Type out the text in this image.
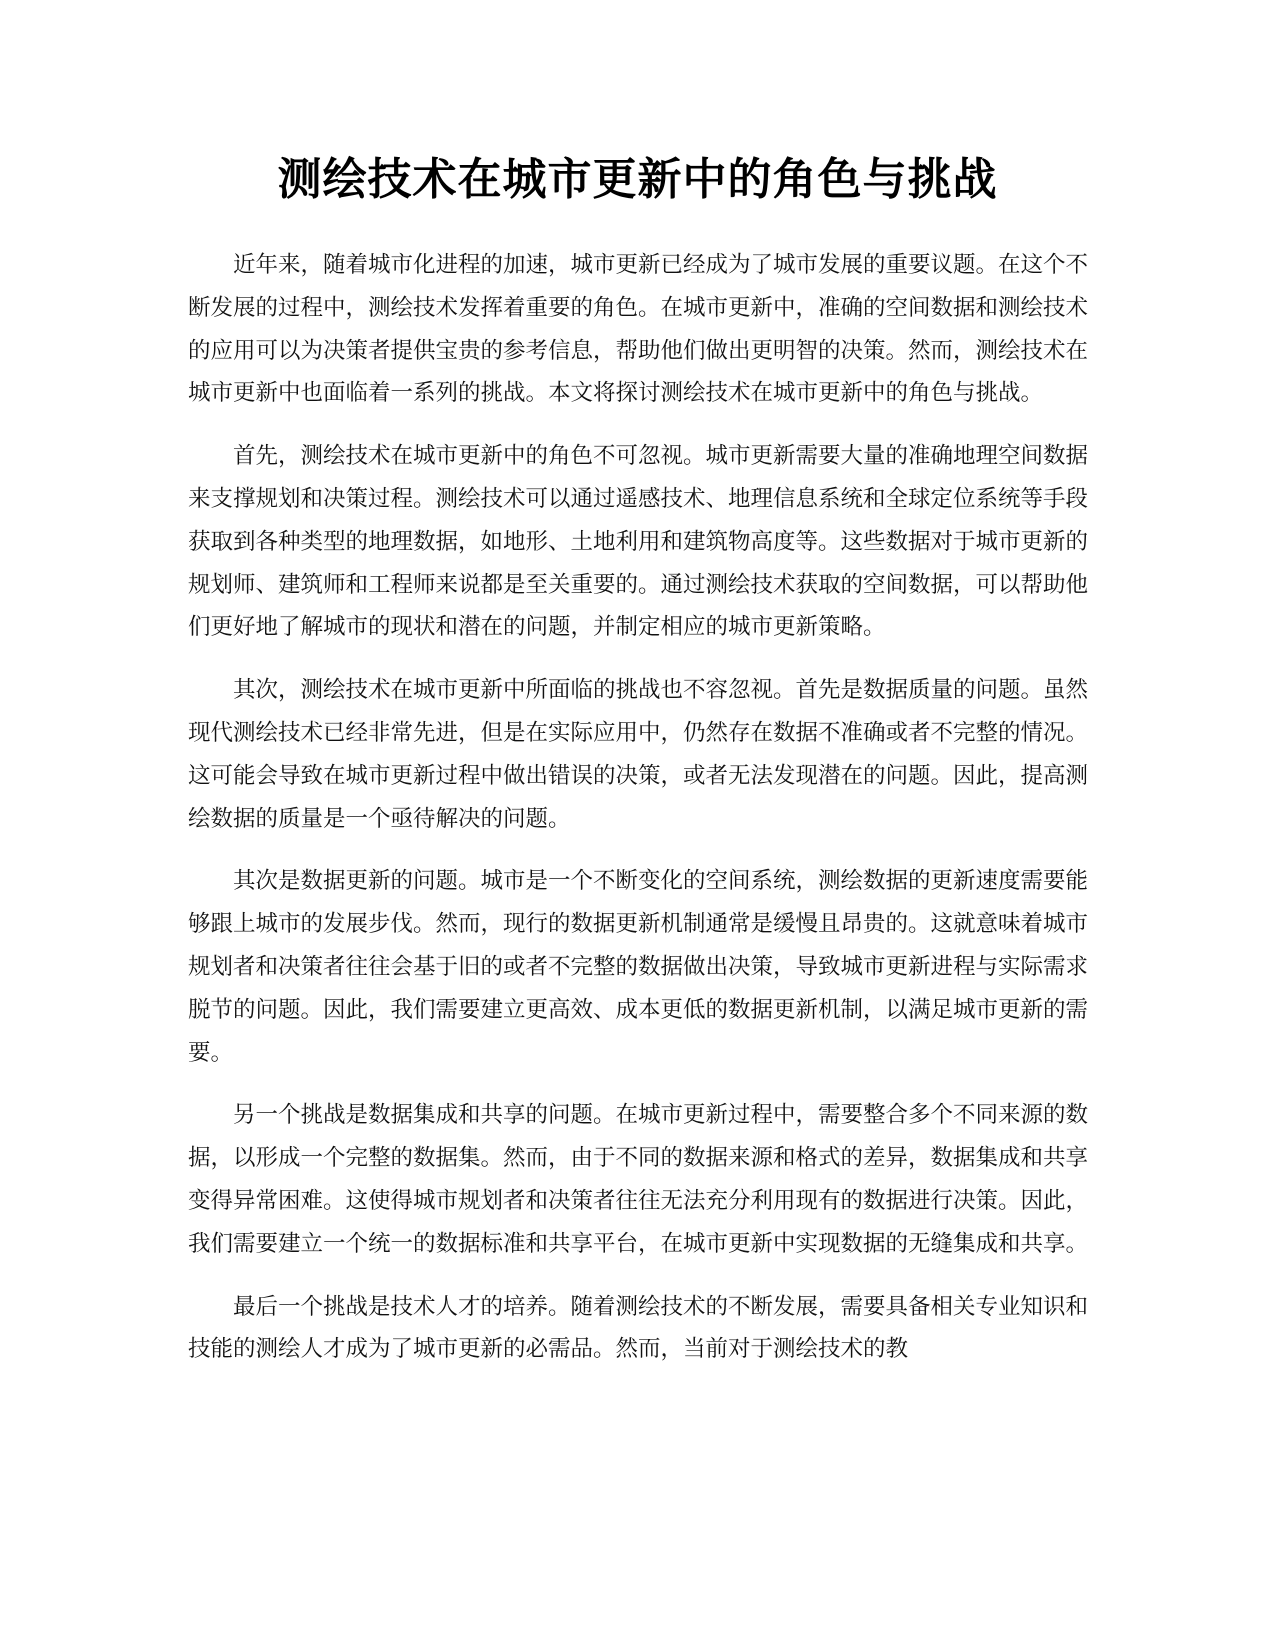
测绘技术在城市更新中的角色与挑战

近年来，随着城市化进程的加速，城市更新已经成为了城市发展的重要议题。在这个不断发展的过程中，测绘技术发挥着重要的角色。在城市更新中，准确的空间数据和测绘技术的应用可以为决策者提供宝贵的参考信息，帮助他们做出更明智的决策。然而，测绘技术在城市更新中也面临着一系列的挑战。本文将探讨测绘技术在城市更新中的角色与挑战。

首先，测绘技术在城市更新中的角色不可忽视。城市更新需要大量的准确地理空间数据来支撑规划和决策过程。测绘技术可以通过遥感技术、地理信息系统和全球定位系统等手段获取到各种类型的地理数据，如地形、土地利用和建筑物高度等。这些数据对于城市更新的规划师、建筑师和工程师来说都是至关重要的。通过测绘技术获取的空间数据，可以帮助他们更好地了解城市的现状和潜在的问题，并制定相应的城市更新策略。

其次，测绘技术在城市更新中所面临的挑战也不容忽视。首先是数据质量的问题。虽然现代测绘技术已经非常先进，但是在实际应用中，仍然存在数据不准确或者不完整的情况。这可能会导致在城市更新过程中做出错误的决策，或者无法发现潜在的问题。因此，提高测绘数据的质量是一个亟待解决的问题。

其次是数据更新的问题。城市是一个不断变化的空间系统，测绘数据的更新速度需要能够跟上城市的发展步伐。然而，现行的数据更新机制通常是缓慢且昂贵的。这就意味着城市规划者和决策者往往会基于旧的或者不完整的数据做出决策，导致城市更新进程与实际需求脱节的问题。因此，我们需要建立更高效、成本更低的数据更新机制，以满足城市更新的需要。

另一个挑战是数据集成和共享的问题。在城市更新过程中，需要整合多个不同来源的数据，以形成一个完整的数据集。然而，由于不同的数据来源和格式的差异，数据集成和共享变得异常困难。这使得城市规划者和决策者往往无法充分利用现有的数据进行决策。因此，我们需要建立一个统一的数据标准和共享平台，在城市更新中实现数据的无缝集成和共享。

最后一个挑战是技术人才的培养。随着测绘技术的不断发展，需要具备相关专业知识和技能的测绘人才成为了城市更新的必需品。然而，当前对于测绘技术的教
